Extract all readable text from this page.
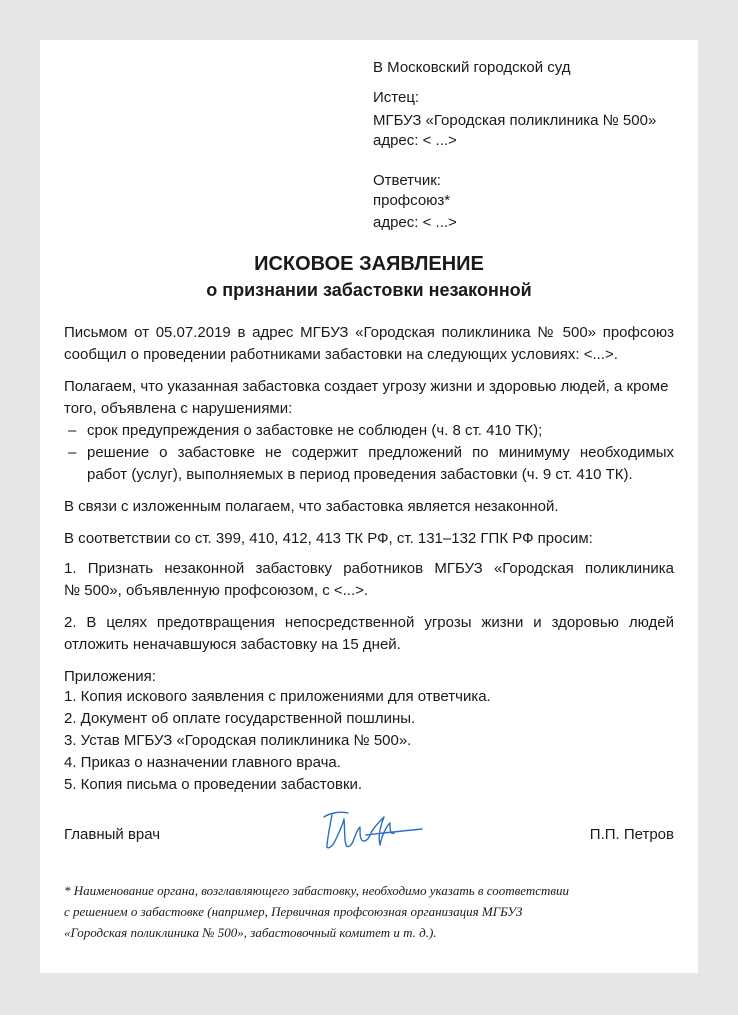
В Московский городской суд
Истец:
МГБУЗ «Городская поликлиника № 500»
адрес: < ...>
Ответчик:
профсоюз*
адрес: < ...>
ИСКОВОЕ ЗАЯВЛЕНИЕ
о признании забастовки незаконной
Письмом от 05.07.2019 в адрес МГБУЗ «Городская поликлиника № 500» профсоюз
сообщил о проведении работниками забастовки на следующих условиях: <...>.
Полагаем, что указанная забастовка создает угрозу жизни и здоровью людей, а кроме
того, объявлена с нарушениями:
– срок предупреждения о забастовке не соблюден (ч. 8 ст. 410 ТК);
– решение о забастовке не содержит предложений по минимуму необходимых
работ (услуг), выполняемых в период проведения забастовки (ч. 9 ст. 410 ТК).
В связи с изложенным полагаем, что забастовка является незаконной.
В соответствии со ст. 399, 410, 412, 413 ТК РФ, ст. 131–132 ГПК РФ просим:
1. Признать незаконной забастовку работников МГБУЗ «Городская поликлиника
№ 500», объявленную профсоюзом, с <...>.
2. В целях предотвращения непосредственной угрозы жизни и здоровью людей
отложить неначавшуюся забастовку на 15 дней.
Приложения:
1. Копия искового заявления с приложениями для ответчика.
2. Документ об оплате государственной пошлины.
3. Устав МГБУЗ «Городская поликлиника № 500».
4. Приказ о назначении главного врача.
5. Копия письма о проведении забастовки.
Главный врач	П.П. Петров
* Наименование органа, возглавляющего забастовку, необходимо указать в соответствии
с решением о забастовке (например, Первичная профсоюзная организация МГБУЗ
«Городская поликлиника № 500», забастовочный комитет и т. д.).
